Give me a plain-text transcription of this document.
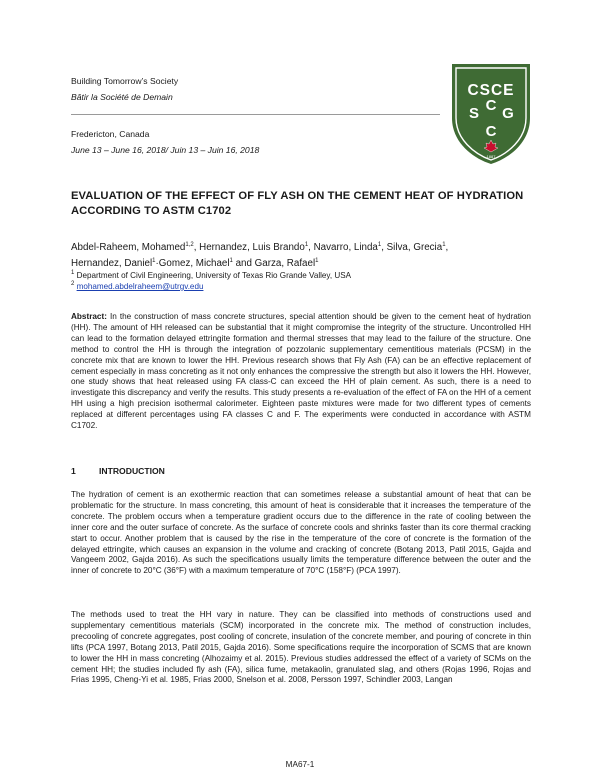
Building Tomorrow’s Society
Bâtir la Société de Demain
Fredericton, Canada
June 13 – June 16, 2018/ Juin 13 – Juin 16, 2018
CSCE
S C G
C
1887
EVALUATION OF THE EFFECT OF FLY ASH ON THE CEMENT HEAT OF HYDRATION ACCORDING TO ASTM C1702
Abdel-Raheem, Mohamed$^{1,2}$, Hernandez, Luis Brando$^1$, Navarro, Linda$^1$, Silva, Grecia$^1$,
Hernandez, Daniel$^1$·Gomez, Michael$^1$ and Garza, Rafael$^1$
$^1$ Department of Civil Engineering, University of Texas Rio Grande Valley, USA
$^2$ mohamed.abdelraheem@utrgv.edu
Abstract: In the construction of mass concrete structures, special attention should be given to the cement heat of hydration (HH). The amount of HH released can be substantial that it might compromise the integrity of the structure. Uncontrolled HH can lead to the formation delayed ettringite formation and thermal stresses that may lead to the failure of the structure. One method to control the HH is through the integration of pozzolanic supplementary cementitious materials (PCSM) in the concrete mix that are known to lower the HH. Previous research shows that Fly Ash (FA) can be an effective replacement of cement especially in mass concreting as it not only enhances the compressive the strength but also it lowers the HH. However, one study shows that heat released using FA class-C can exceed the HH of plain cement. As such, there is a need to investigate this discrepancy and verify the results. This study presents a re-evaluation of the effect of FA on the HH of a cement HH using a high precision isothermal calorimeter. Eighteen paste mixtures were made for two different types of cements replaced at different percentages using FA classes C and F. The experiments were conducted in accordance with ASTM C1702.
1	INTRODUCTION
The hydration of cement is an exothermic reaction that can sometimes release a substantial amount of heat that can be problematic for the structure. In mass concreting, this amount of heat is considerable that it increases the temperature of the concrete. The problem occurs when a temperature gradient occurs due to the difference in the rate of cooling between the inner core and the outer surface of concrete. As the surface of concrete cools and shrinks faster than its core thermal cracking start to occur. Another problem that is caused by the rise in the temperature of the core of concrete is the formation of the delayed ettringite, which causes an expansion in the volume and cracking of concrete (Botang 2013, Patil 2015, Gajda and Vangeem 2002, Gajda 2016). As such the specifications usually limits the temperature difference between the outer and the inner of concrete to 20°C (36°F) with a maximum temperature of 70°C (158°F) (PCA 1997).
The methods used to treat the HH vary in nature. They can be classified into methods of constructions used and supplementary cementitious materials (SCM) incorporated in the concrete mix. The method of construction includes, precooling of concrete aggregates, post cooling of concrete, insulation of the concrete member, and pouring of concrete in thin lifts (PCA 1997, Botang 2013, Patil 2015, Gajda 2016). Some specifications require the incorporation of SCMS that are known to lower the HH in mass concreting (Alhozaimy et al. 2015). Previous studies addressed the effect of a variety of SCMs on the cement HH; the studies included fly ash (FA), silica fume, metakaolin, granulated slag, and others (Rojas 1996, Rojas and Frias 1995, Cheng-Yi et al. 1985, Frias 2000, Snelson et al. 2008, Persson 1997, Schindler 2003, Langan
MA67-1
